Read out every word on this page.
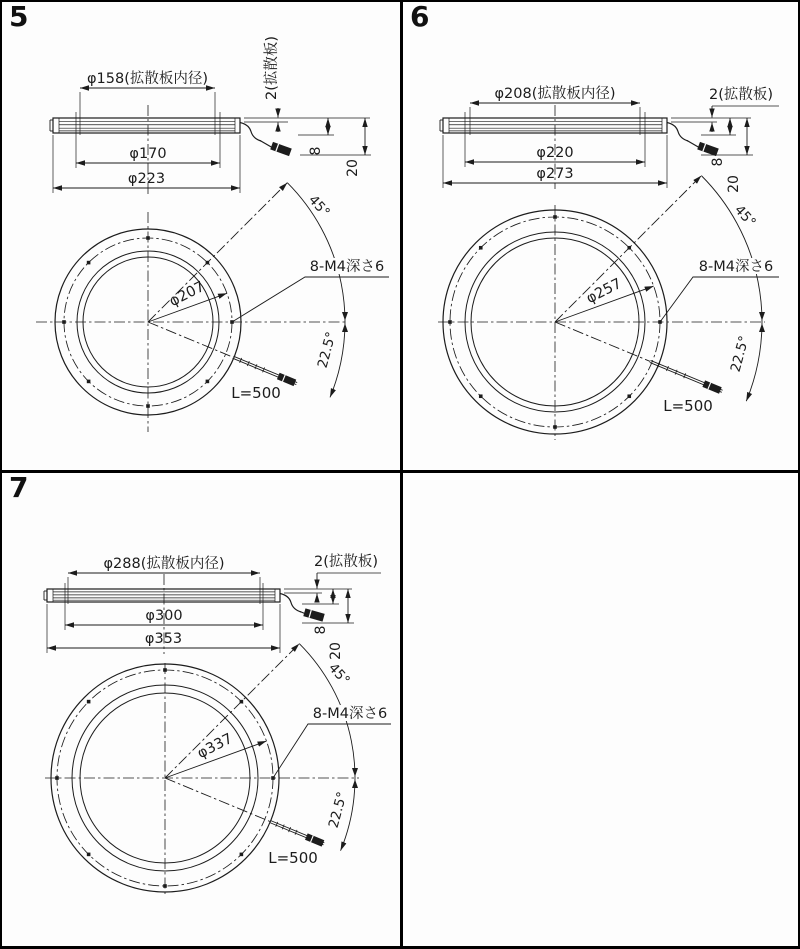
5
φ158(拡散板内径)
φ170
φ223
2(拡散板)
8
20
φ207
8-M4深さ6
45°
22.5°
L=500
6
φ208(拡散板内径)
φ220
φ273
2(拡散板)
8
20
φ257
8-M4深さ6
45°
22.5°
L=500
7
φ288(拡散板内径)
φ300
φ353
2(拡散板)
8
20
φ337
8-M4深さ6
45°
22.5°
L=500
